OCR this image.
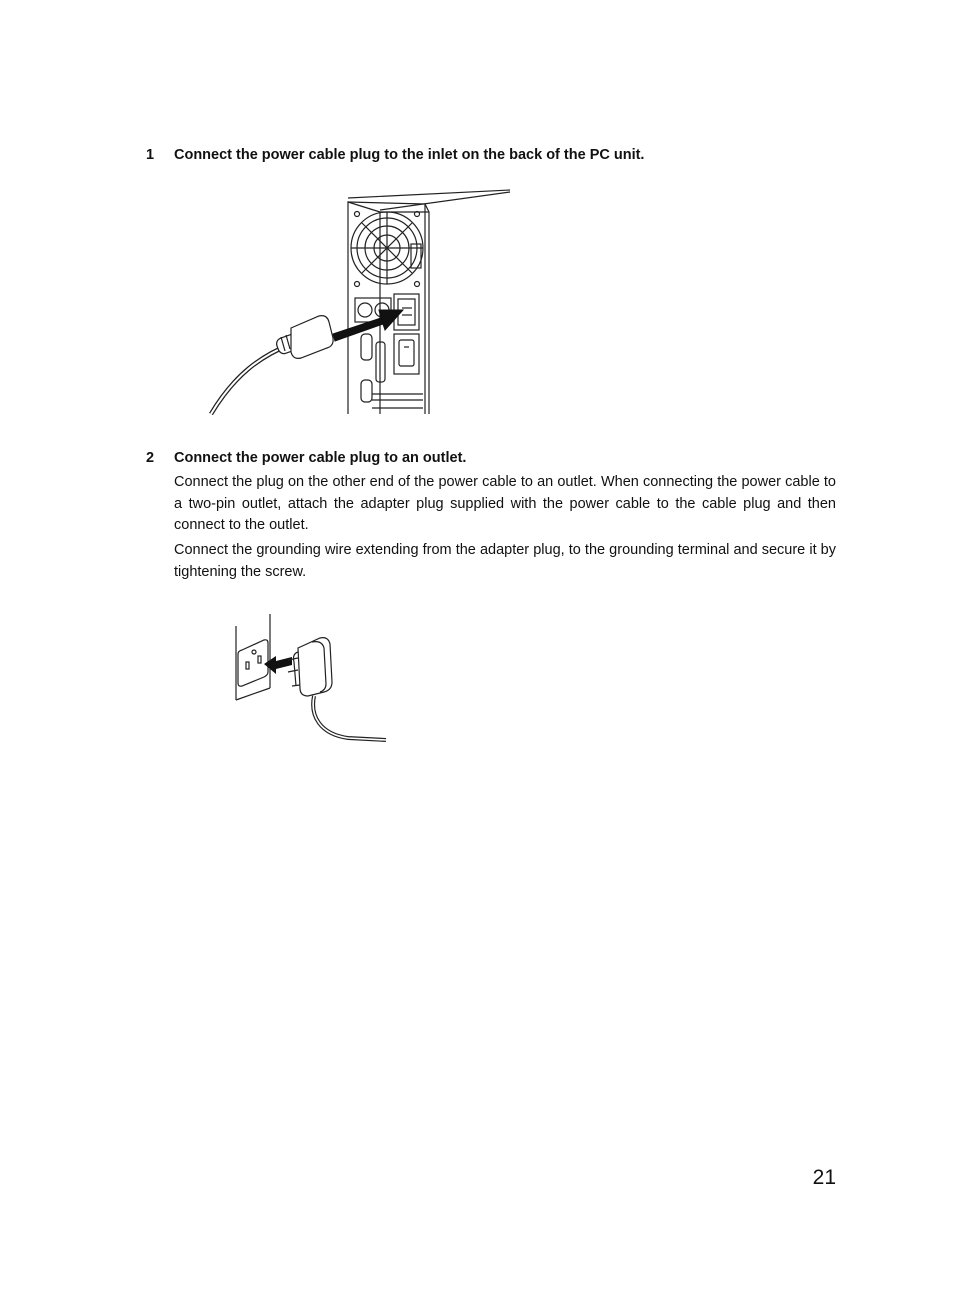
1 Connect the power cable plug to the inlet on the back of the PC unit.
2 Connect the power cable plug to an outlet.

Connect the plug on the other end of the power cable to an outlet. When connecting the power cable to a two-pin outlet, attach the adapter plug supplied with the power cable to the cable plug and then connect to the outlet.

Connect the grounding wire extending from the adapter plug, to the grounding terminal and secure it by tightening the screw.

21
